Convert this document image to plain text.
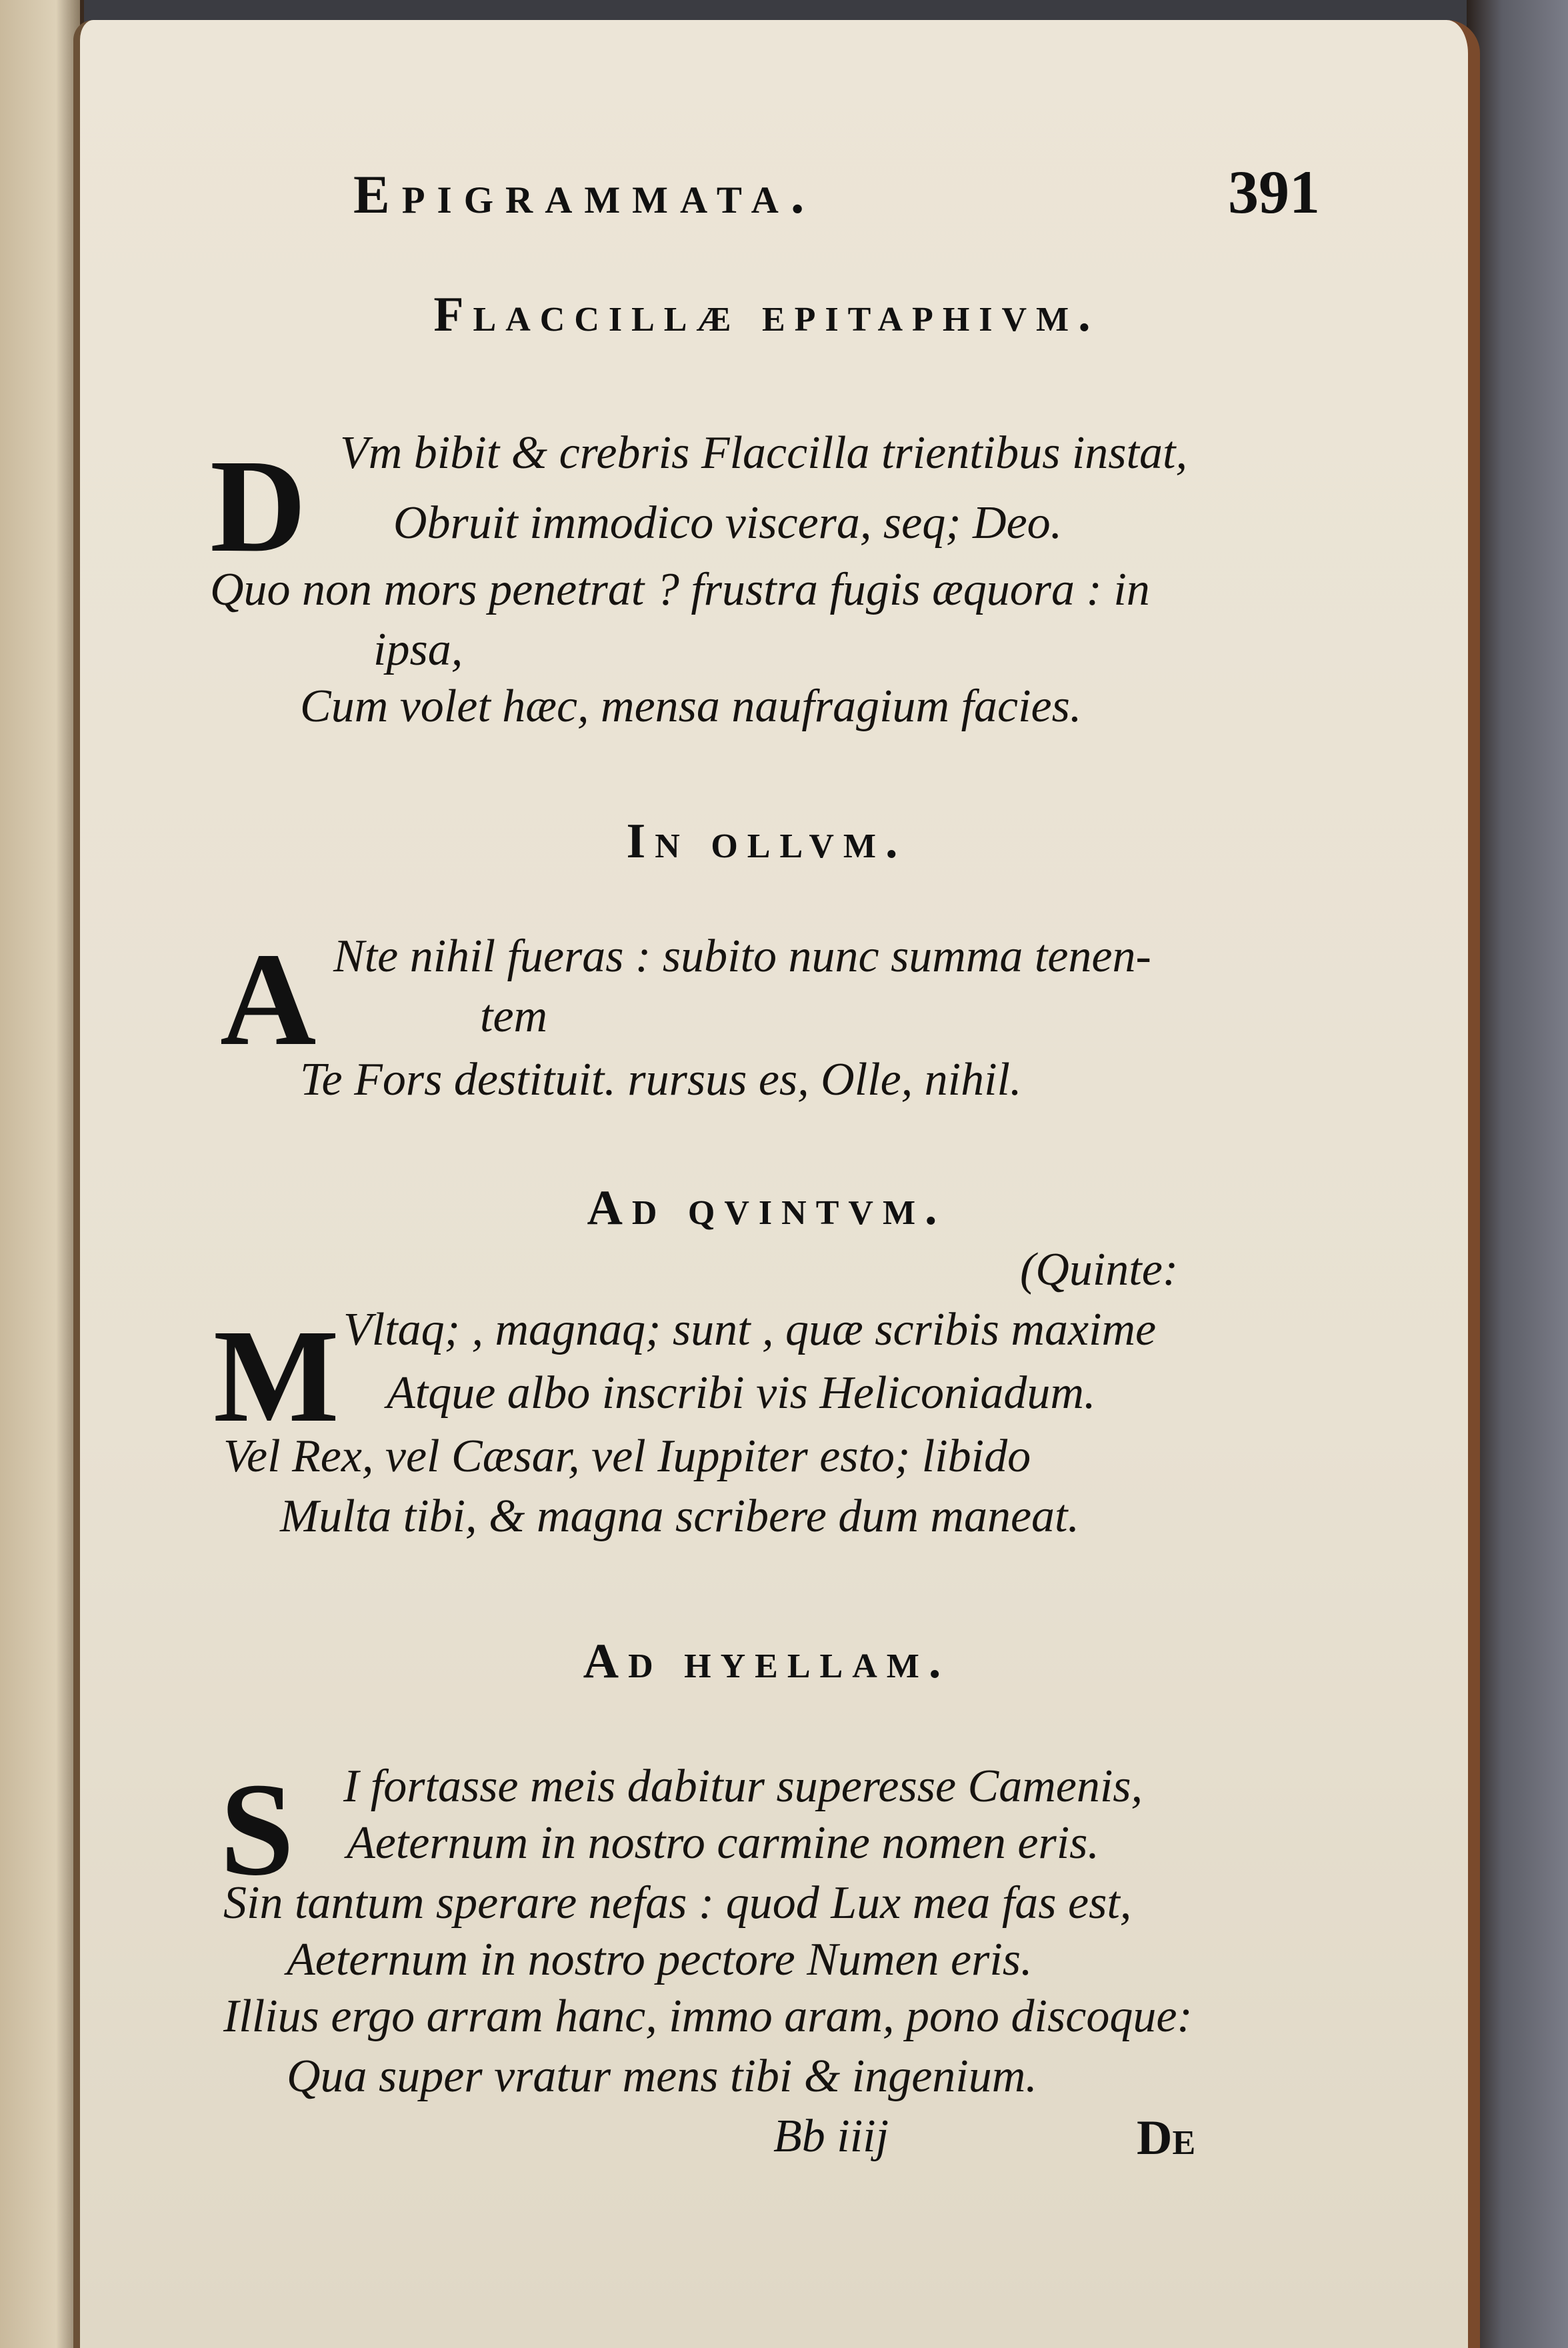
Epigrammata.	391
Flaccillæ epitaphivm.
D Vm bibit & crebris Flaccilla trientibus instat,
Obruit immodico viscera, seq; Deo.
Quo non mors penetrat ? frustra fugis æquora : in
ipsa,
Cum volet hæc, mensa naufragium facies.
In ollvm.
A Nte nihil fueras : subito nunc summa tenen-
tem
Te Fors destituit. rursus es, Olle, nihil.
Ad qvintvm.
(Quinte:
M Vltaq; , magnaq; sunt , quæ scribis maxime
Atque albo inscribi vis Heliconiadum.
Vel Rex, vel Cæsar, vel Iuppiter esto; libido
Multa tibi, & magna scribere dum maneat.
Ad hyellam.
S I fortasse meis dabitur superesse Camenis,
Aeternum in nostro carmine nomen eris.
Sin tantum sperare nefas : quod Lux mea fas est,
Aeternum in nostro pectore Numen eris.
Illius ergo arram hanc, immo aram, pono discoque:
Qua super vratur mens tibi & ingenium.
Bb iiij	De
